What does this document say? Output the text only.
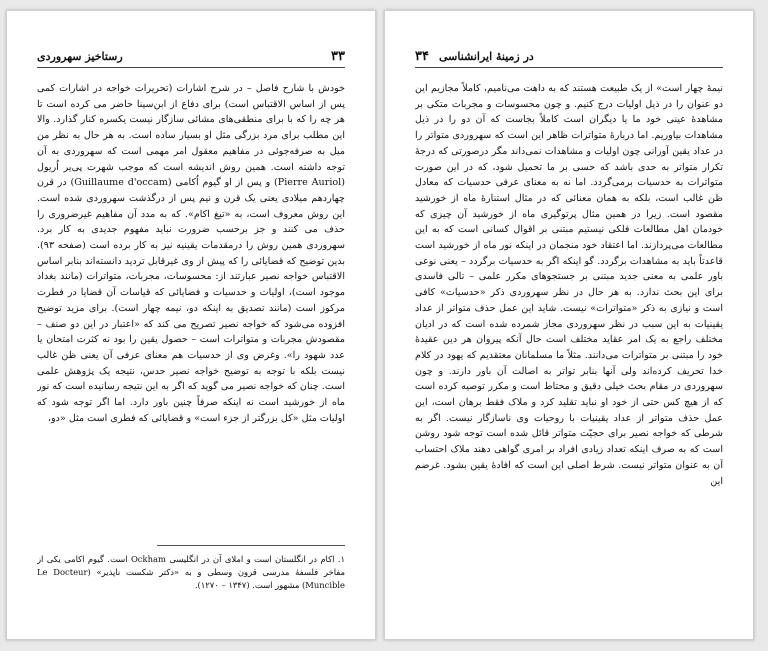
۳۳
رستاخیز سهروردی

خودش با شارح فاصل – در شرح اشارات (تحریرات خواجه در اشارات کمی پس از اساس الاقتباس است) برای دفاع از ابن‌سینا حاضر می کرده است تا هر چه را که با برای منطقی‌های مشائی سازگار نیست یکسره کنار گذارد. والا این مطلب برای مرد بزرگی مثل او بسیار ساده است. به هر حال به نظر من میل به صرفه‌جوئی در مفاهیم معقول امر مهمی است که سهروردی به آن توجه داشته است. همین روش اندیشه است که موجب شهرت پی‌یر اُریول (Pierre Auriol) و پس از او گیوم اُکامی (Guillaume d'occam) در قرن چهاردهم میلادی یعنی یک قرن و نیم پس از درگذشت سهروردی شده است. این روش معروف است، به «تیغ اکام». که به مدد آن مفاهیم غیرضروری را حذف می کنند و جز برحسب ضرورت نباید مفهوم جدیدی به کار برد. سهروردی همین روش را درمقدمات یقینیه نیز به کار برده است (صفحه ۹۳). بدین توضیح که قضایائی را که پیش از وی غیرقابل تردید دانسته‌اند بنابر اساس الاقتباس خواجه نصیر عبارتند از: محسوسات، مجربات، متواترات (مانند بغداد موجود است)، اولیات و حدسیات و فضایائی که قیاسات آن قضایا در فطرت مرکوز است (مانند تصدیق به اینکه دو، نیمه چهار است). برای مزید توضیح افزوده می‌شود که خواجه نصیر تصریح می کند که «اعتبار در این دو صنف – مقصودش مجربات و متواترات است – حصول یقین را بود نه کثرت امتحان یا عدد شهود را». وغرض وی از حدسیات هم معنای عرفی آن یعنی ظن غالب نیست بلکه با توجه به توضیح خواجه نصیر حدس، نتیجه یک پژوهش علمی است. چنان که خواجه نصیر می گوید که اگر به این نتیجه رسانیده است که نور ماه از خورشید است نه اینکه صرفاً چنین باور دارد. اما اگر توجه شود که اولیات مثل «کل بزرگتر از جزء است» و قضایائی که فطری است مثل «دو،

۱. اکام در انگلستان است و املای آن در انگلیسی Ockham است. گیوم اکامی یکی از مفاخر فلسفهٔ مدرسی قرون وسطی و به «دکتر شکست ناپذیر» (Le Docteur Muncible) مشهور است. (۱۳۴۷ – ۱۲۷۰).

۳۴ در زمینهٔ ایرانشناسی

نیمهٔ چهار است» از یک طبیعت هستند که به داهت می‌نامیم، کاملاً مجازیم این دو عنوان را در ذیل اولیات درج کنیم. و چون محسوسات و مجربات متکی بر مشاهدهٔ عینی خود ما یا دیگران است کاملاً بجاست که آن دو را در ذیل مشاهدات بیاوریم. اما دربارهٔ متواترات ظاهر این است که سهروردی متواتر را در عداد یقین آورانی چون اولیات و مشاهدات نمی‌داند مگر درصورتی که درجهٔ تکرار متواتر به حدی باشد که حسی بر ما تحمیل شود، که در این صورت متواترات به حدسیات برمی‌گردد. اما نه به معنای عرفی حدسیات که معادل ظن غالب است، بلکه به همان معنائی که در مثال استنارهٔ ماه از خورشید مقصود است. زیرا در همین مثال پرتوگیری ماه از خورشید آن چیزی که خودمان اهل مطالعات فلکی نیستیم مبتنی بر اقوال کسانی است که به این مطالعات می‌پردازند. اما اعتقاد خود منجمان در اینکه نور ماه از خورشید است قاعدتاً باید به مشاهدات برگردد. گو اینکه اگر به حدسیات برگردد – یعنی نوعی باور علمی به معنی جدید مبتنی بر جستجوهای مکرر علمی – تالی فاسدی برای این بحث ندارد. به هر حال در نظر سهروردی ذکر «حدسیات» کافی است و نیازی به ذکر «متواترات» نیست. شاید این عمل حذف متواتر از عداد یقینیات به این سبب در نظر سهروردی مجاز شمرده شده است که در ادیان مختلف راجع به یک امر عقاید مختلف است حال آنکه پیروان هر دین عقیدهٔ خود را مبتنی بر متواترات می‌دانند. مثلاً ما مسلمانان معتقدیم که یهود در کلام خدا تحریف کرده‌اند ولی آنها بنابر تواتر به اصالت آن باور دارند. و چون سهروردی در مقام بحث خیلی دقیق و محتاط است و مکرر توصیه کرده است که از هیچ کس حتی از خود او نباید تقلید کرد و ملاک فقط برهان است، این عمل حذف متواتر از عداد یقینیات با روحیات وی ناسازگار نیست. اگر به شرطی که خواجه نصیر برای حجیّت متواتر قائل شده است توجه شود روشن است که به صرف اینکه تعداد زیادی افراد بر امری گواهی دهند ملاک احتساب آن به عنوان متواتر نیست. شرط اصلی این است که افادهٔ یقین بشود. غرضم این
